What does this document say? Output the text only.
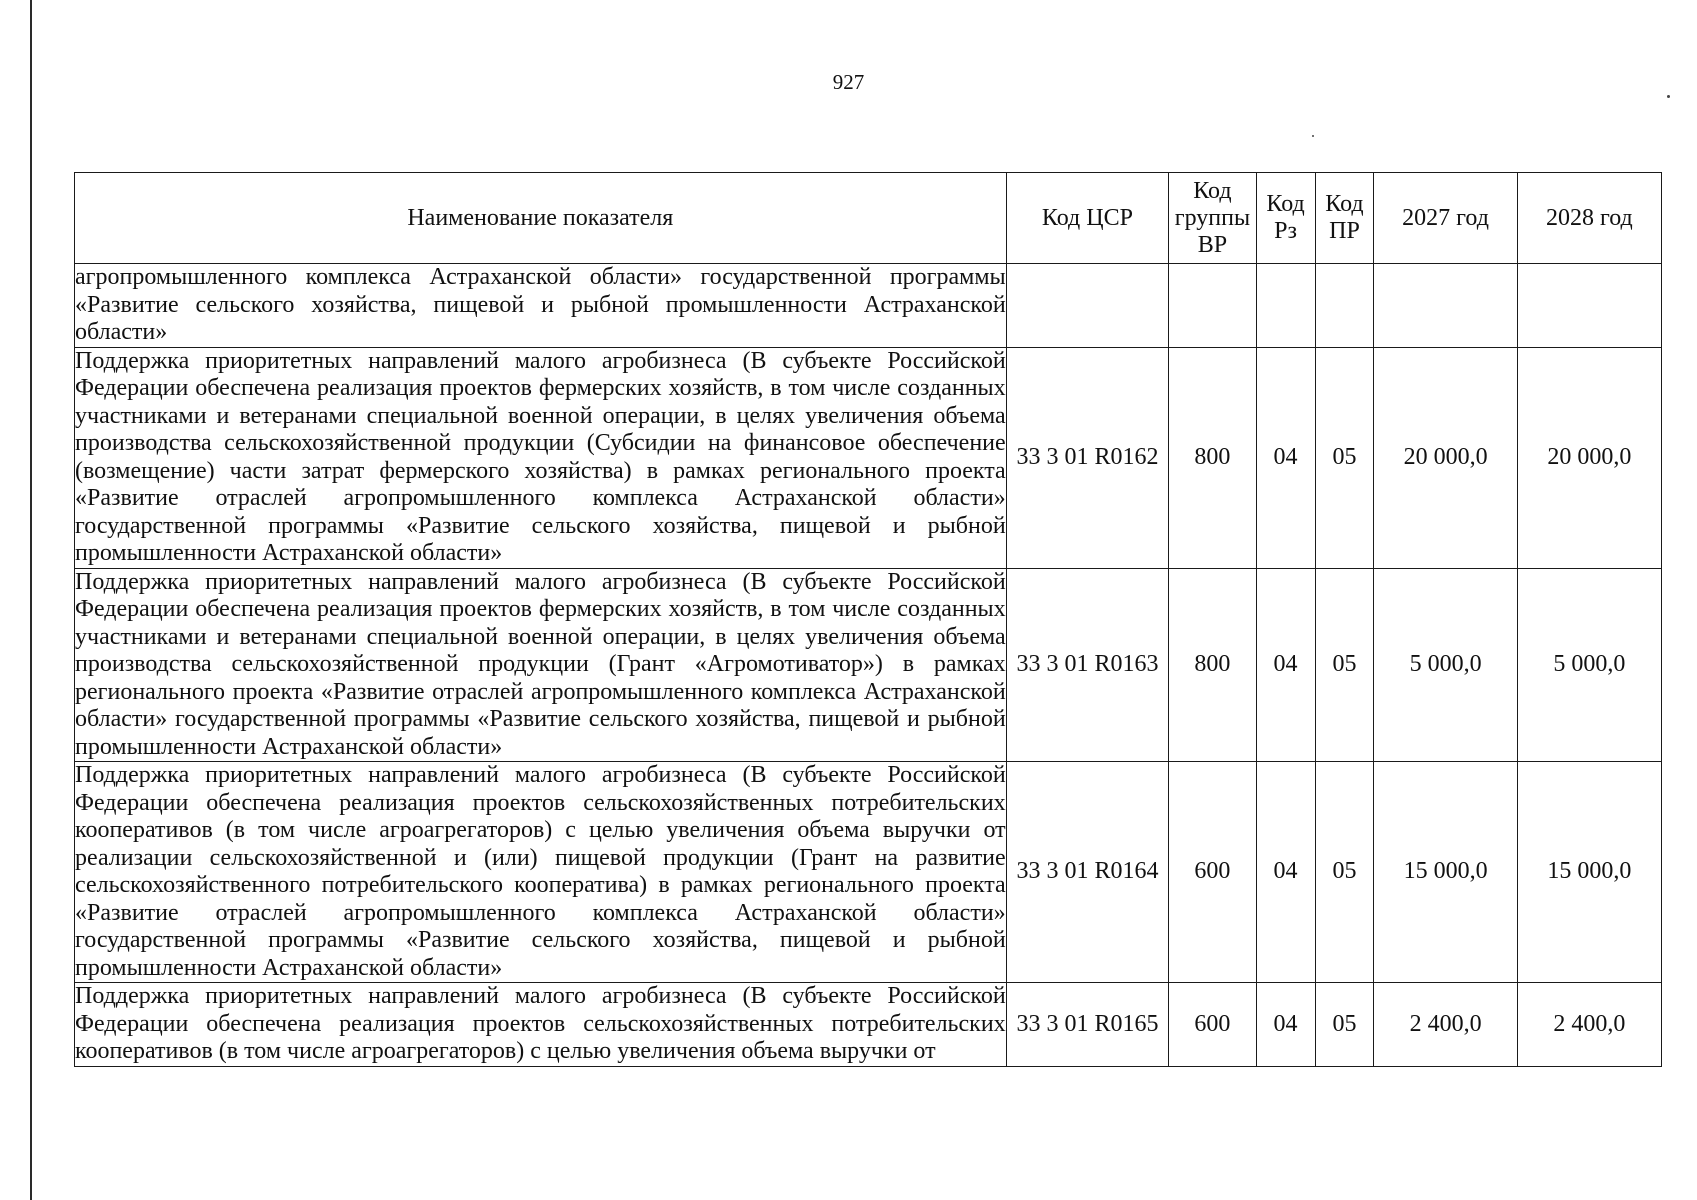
927
Наименование показателя	Код ЦСР	Код группы ВР	Код Рз	Код ПР	2027 год	2028 год
агропромышленного комплекса Астраханской области» государственной программы «Развитие сельского хозяйства, пищевой и рыбной промышленности Астраханской области»						
Поддержка приоритетных направлений малого агробизнеса (В субъекте Российской Федерации обеспечена реализация проектов фермерских хозяйств, в том числе созданных участниками и ветеранами специальной военной операции, в целях увеличения объема производства сельскохозяйственной продукции (Субсидии на финансовое обеспечение (возмещение) части затрат фермерского хозяйства) в рамках регионального проекта «Развитие отраслей агропромышленного комплекса Астраханской области» государственной программы «Развитие сельского хозяйства, пищевой и рыбной промышленности Астраханской области»	33 3 01 R0162	800	04	05	20 000,0	20 000,0
Поддержка приоритетных направлений малого агробизнеса (В субъекте Российской Федерации обеспечена реализация проектов фермерских хозяйств, в том числе созданных участниками и ветеранами специальной военной операции, в целях увеличения объема производства сельскохозяйственной продукции (Грант «Агромотиватор») в рамках регионального проекта «Развитие отраслей агропромышленного комплекса Астраханской области» государственной программы «Развитие сельского хозяйства, пищевой и рыбной промышленности Астраханской области»	33 3 01 R0163	800	04	05	5 000,0	5 000,0
Поддержка приоритетных направлений малого агробизнеса (В субъекте Российской Федерации обеспечена реализация проектов сельскохозяйственных потребительских кооперативов (в том числе агроагрегаторов) с целью увеличения объема выручки от реализации сельскохозяйственной и (или) пищевой продукции (Грант на развитие сельскохозяйственного потребительского кооператива) в рамках регионального проекта «Развитие отраслей агропромышленного комплекса Астраханской области» государственной программы «Развитие сельского хозяйства, пищевой и рыбной промышленности Астраханской области»	33 3 01 R0164	600	04	05	15 000,0	15 000,0
Поддержка приоритетных направлений малого агробизнеса (В субъекте Российской Федерации обеспечена реализация проектов сельскохозяйственных потребительских кооперативов (в том числе агроагрегаторов) с целью увеличения объема выручки от	33 3 01 R0165	600	04	05	2 400,0	2 400,0
